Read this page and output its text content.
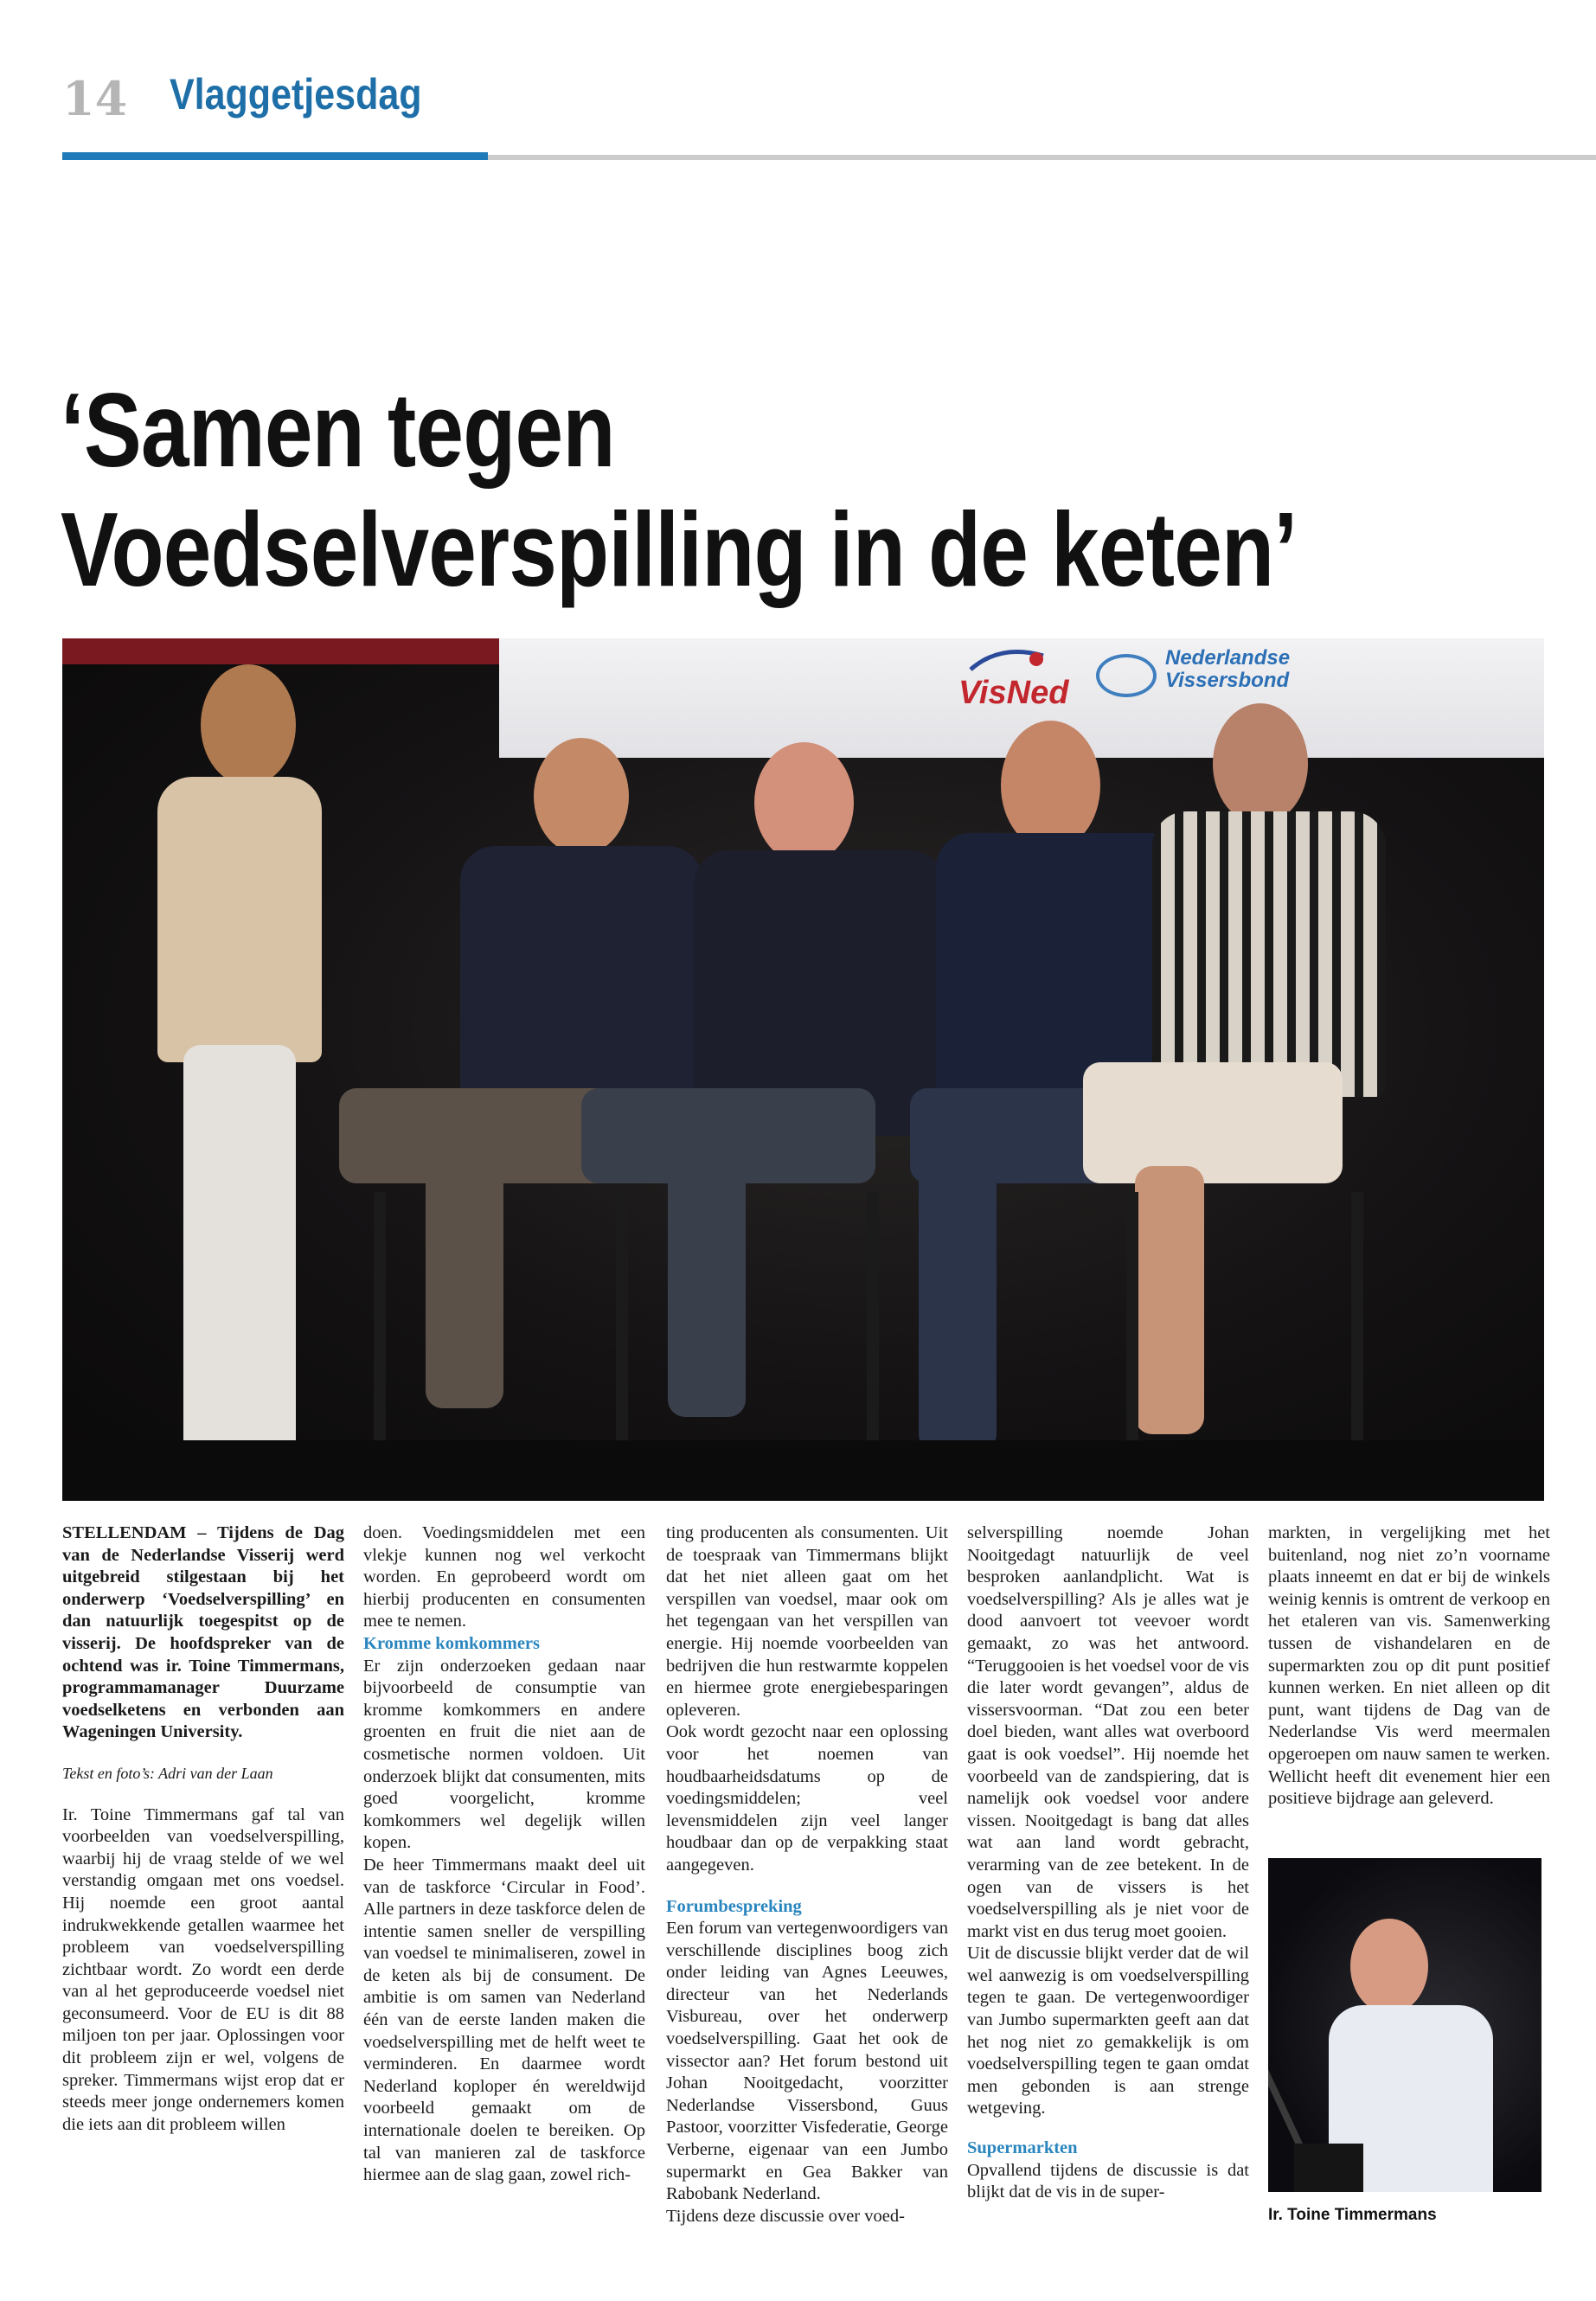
14 Vlaggetjesdag
‘Samen tegen Voedselverspilling in de keten’
VisNed
Nederlandse Vissersbond

STELLENDAM – Tijdens de Dag van de Nederlandse Visserij werd uitgebreid stilgestaan bij het onderwerp ‘Voedselverspilling’ en dan natuurlijk toegespitst op de visserij. De hoofdspreker van de ochtend was ir. Toine Timmermans, programmamanager Duurzame voedselketens en verbonden aan Wageningen University.

Tekst en foto’s: Adri van der Laan

Ir. Toine Timmermans gaf tal van voorbeelden van voedselverspilling, waarbij hij de vraag stelde of we wel verstandig omgaan met ons voedsel. Hij noemde een groot aantal indrukwekkende getallen waarmee het probleem van voedselverspilling zichtbaar wordt. Zo wordt een derde van al het geproduceerde voedsel niet geconsumeerd. Voor de EU is dit 88 miljoen ton per jaar. Oplossingen voor dit probleem zijn er wel, volgens de spreker. Timmermans wijst erop dat er steeds meer jonge ondernemers komen die iets aan dit probleem willen

doen. Voedingsmiddelen met een vlekje kunnen nog wel verkocht worden. En geprobeerd wordt om hierbij producenten en consumenten mee te nemen.

Kromme komkommers

Er zijn onderzoeken gedaan naar bijvoorbeeld de consumptie van kromme komkommers en andere groenten en fruit die niet aan de cosmetische normen voldoen. Uit onderzoek blijkt dat consumenten, mits goed voorgelicht, kromme komkommers wel degelijk willen kopen.

De heer Timmermans maakt deel uit van de taskforce ‘Circular in Food’. Alle partners in deze taskforce delen de intentie samen sneller de verspilling van voedsel te minimaliseren, zowel in de keten als bij de consument. De ambitie is om samen van Nederland één van de eerste landen maken die voedselverspilling met de helft weet te verminderen. En daarmee wordt Nederland koploper én wereldwijd voorbeeld gemaakt om de internationale doelen te bereiken. Op tal van manieren zal de taskforce hiermee aan de slag gaan, zowel rich-

ting producenten als consumenten. Uit de toespraak van Timmermans blijkt dat het niet alleen gaat om het verspillen van voedsel, maar ook om het tegengaan van het verspillen van energie. Hij noemde voorbeelden van bedrijven die hun restwarmte koppelen en hiermee grote energiebesparingen opleveren.

Ook wordt gezocht naar een oplossing voor het noemen van houdbaarheidsdatums op de voedingsmiddelen; veel levensmiddelen zijn veel langer houdbaar dan op de verpakking staat aangegeven.

Forumbespreking

Een forum van vertegenwoordigers van verschillende disciplines boog zich onder leiding van Agnes Leeuwes, directeur van het Nederlands Visbureau, over het onderwerp voedselverspilling. Gaat het ook de vissector aan? Het forum bestond uit Johan Nooitgedacht, voorzitter Nederlandse Vissersbond, Guus Pastoor, voorzitter Visfederatie, George Verberne, eigenaar van een Jumbo supermarkt en Gea Bakker van Rabobank Nederland.

Tijdens deze discussie over voed-

selverspilling noemde Johan Nooitgedagt natuurlijk de veel besproken aanlandplicht. Wat is voedselverspilling? Als je alles wat je dood aanvoert tot veevoer wordt gemaakt, zo was het antwoord. “Teruggooien is het voedsel voor de vis die later wordt gevangen”, aldus de vissersvoorman. “Dat zou een beter doel bieden, want alles wat overboord gaat is ook voedsel”. Hij noemde het voorbeeld van de zandspiering, dat is namelijk ook voedsel voor andere vissen. Nooitgedagt is bang dat alles wat aan land wordt gebracht, verarming van de zee betekent. In de ogen van de vissers is het voedselverspilling als je niet voor de markt vist en dus terug moet gooien.

Uit de discussie blijkt verder dat de wil wel aanwezig is om voedselverspilling tegen te gaan. De vertegenwoordiger van Jumbo supermarkten geeft aan dat het nog niet zo gemakkelijk is om voedselverspilling tegen te gaan omdat men gebonden is aan strenge wetgeving.

Supermarkten

Opvallend tijdens de discussie is dat blijkt dat de vis in de super-

markten, in vergelijking met het buitenland, nog niet zo’n voorname plaats inneemt en dat er bij de winkels weinig kennis is omtrent de verkoop en het etaleren van vis. Samenwerking tussen de vishandelaren en de supermarkten zou op dit punt positief kunnen werken. En niet alleen op dit punt, want tijdens de Dag van de Nederlandse Vis werd meermalen opgeroepen om nauw samen te werken. Wellicht heeft dit evenement hier een positieve bijdrage aan geleverd.

Ir. Toine Timmermans
